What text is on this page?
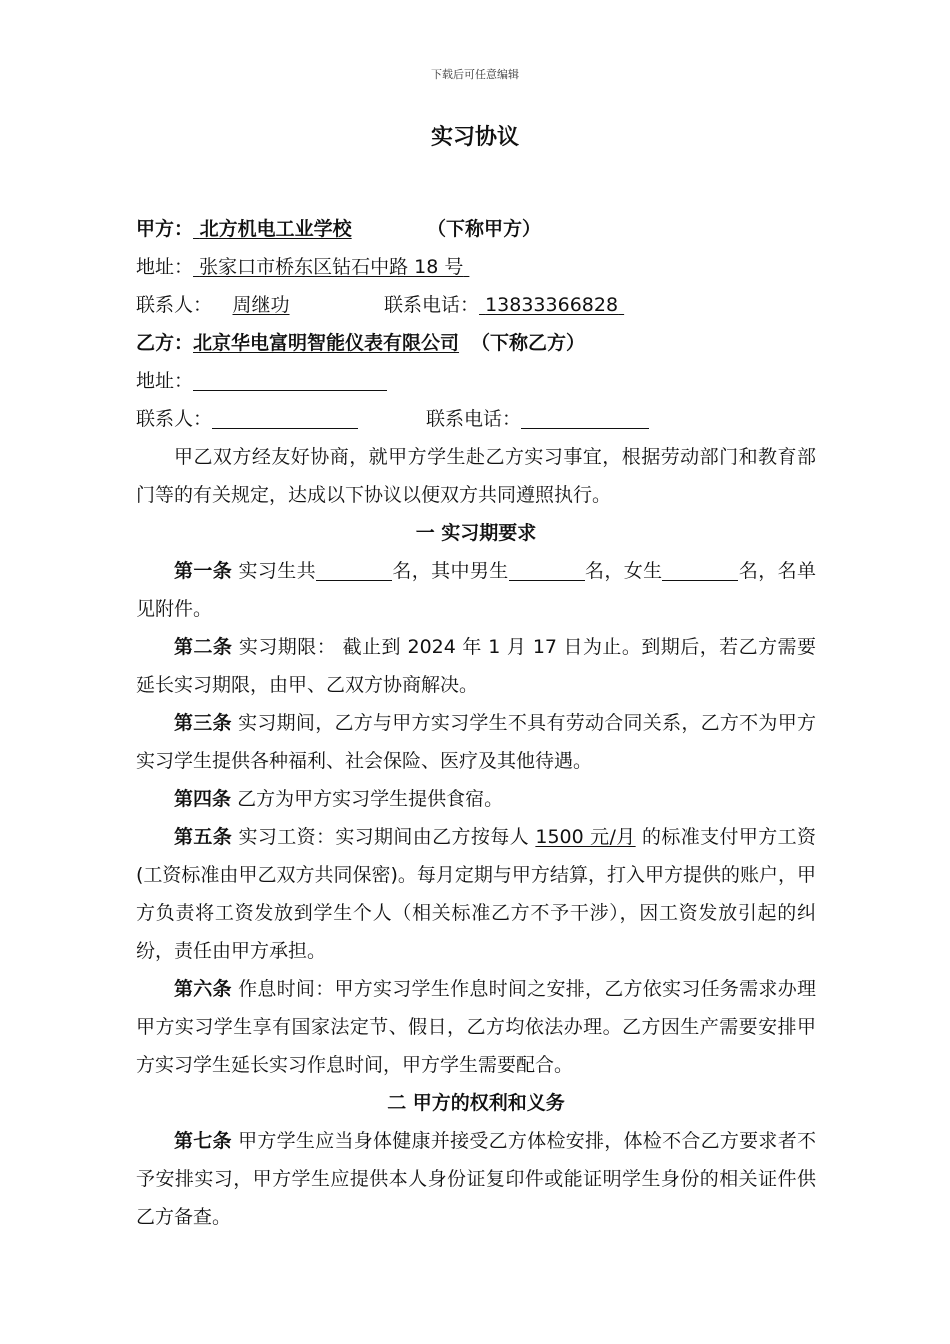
下载后可任意编辑
实习协议
甲方： 北方机电工业学校	（下称甲方）
地址： 张家口市桥东区钻石中路 18 号
联系人： 周继功	联系电话： 13833366828
乙方：北京华电富明智能仪表有限公司 （下称乙方）
地址：
联系人：	联系电话：
甲乙双方经友好协商，就甲方学生赴乙方实习事宜，根据劳动部门和教育部门等的有关规定，达成以下协议以便双方共同遵照执行。
一 实习期要求
第一条 实习生共	名，其中男生	名，女生	名，名单见附件。
第二条 实习期限： 截止到 2024 年 1 月 17 日为止。到期后，若乙方需要延长实习期限，由甲、乙双方协商解决。
第三条 实习期间，乙方与甲方实习学生不具有劳动合同关系，乙方不为甲方实习学生提供各种福利、社会保险、医疗及其他待遇。
第四条 乙方为甲方实习学生提供食宿。
第五条 实习工资：实习期间由乙方按每人 1500 元/月 的标准支付甲方工资(工资标准由甲乙双方共同保密)。每月定期与甲方结算，打入甲方提供的账户，甲方负责将工资发放到学生个人（相关标准乙方不予干涉），因工资发放引起的纠纷，责任由甲方承担。
第六条 作息时间：甲方实习学生作息时间之安排，乙方依实习任务需求办理甲方实习学生享有国家法定节、假日，乙方均依法办理。乙方因生产需要安排甲方实习学生延长实习作息时间，甲方学生需要配合。
二 甲方的权利和义务
第七条 甲方学生应当身体健康并接受乙方体检安排，体检不合乙方要求者不予安排实习，甲方学生应提供本人身份证复印件或能证明学生身份的相关证件供乙方备查。
